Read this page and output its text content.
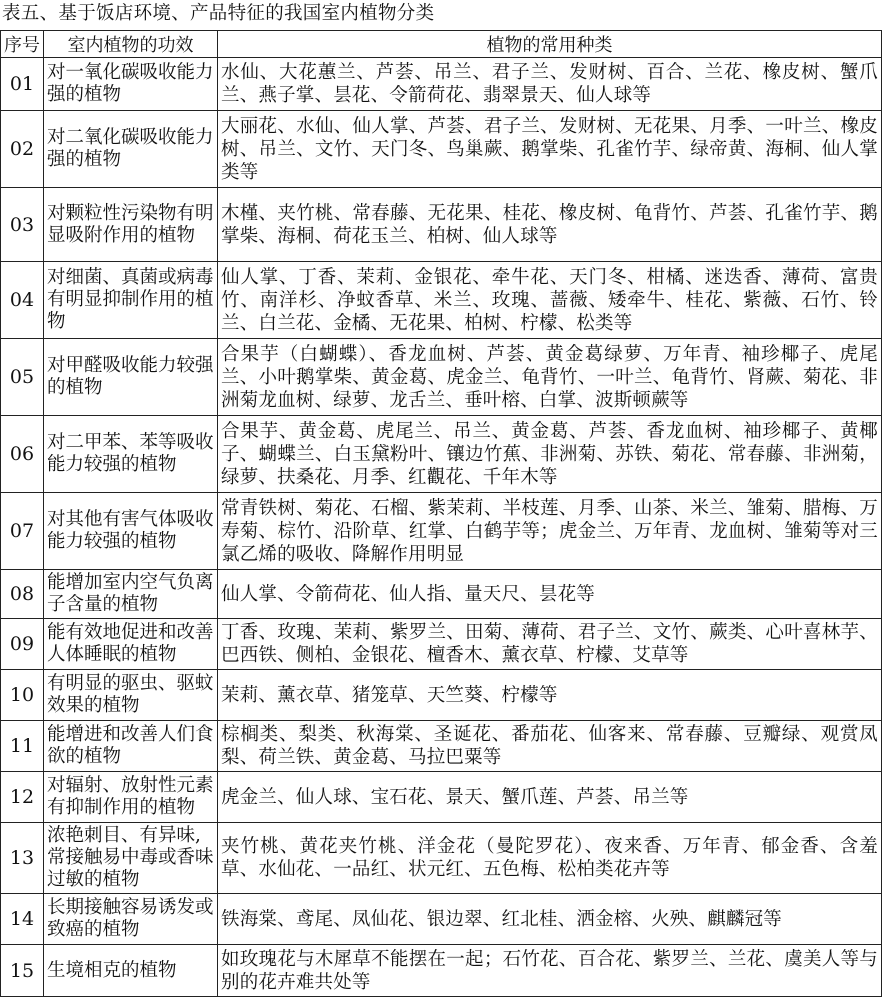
表五、基于饭店环境、产品特征的我国室内植物分类
序号	室内植物的功效	植物的常用种类
01	对一氧化碳吸收能力强的植物	水仙、大花蕙兰、芦荟、吊兰、君子兰、发财树、百合、兰花、橡皮树、蟹爪兰、燕子掌、昙花、令箭荷花、翡翠景天、仙人球等
02	对二氧化碳吸收能力强的植物	大丽花、水仙、仙人掌、芦荟、君子兰、发财树、无花果、月季、一叶兰、橡皮树、吊兰、文竹、天门冬、鸟巢蕨、鹅掌柴、孔雀竹芋、绿帝黄、海桐、仙人掌类等
03	对颗粒性污染物有明显吸附作用的植物	木槿、夹竹桃、常春藤、无花果、桂花、橡皮树、龟背竹、芦荟、孔雀竹芋、鹅掌柴、海桐、荷花玉兰、柏树、仙人球等
04	对细菌、真菌或病毒有明显抑制作用的植物	仙人掌、丁香、茉莉、金银花、牵牛花、天门冬、柑橘、迷迭香、薄荷、富贵竹、南洋杉、净蚊香草、米兰、玫瑰、蔷薇、矮牵牛、桂花、紫薇、石竹、铃兰、白兰花、金橘、无花果、柏树、柠檬、松类等
05	对甲醛吸收能力较强的植物	合果芋（白蝴蝶）、香龙血树、芦荟、黄金葛绿萝、万年青、袖珍椰子、虎尾兰、小叶鹅掌柴、黄金葛、虎金兰、龟背竹、一叶兰、龟背竹、肾蕨、菊花、非洲菊龙血树、绿萝、龙舌兰、垂叶榕、白掌、波斯顿蕨等
06	对二甲苯、苯等吸收能力较强的植物	合果芋、黄金葛、虎尾兰、吊兰、黄金葛、芦荟、香龙血树、袖珍椰子、黄椰子、蝴蝶兰、白玉黛粉叶、镶边竹蕉、非洲菊、苏铁、菊花、常春藤、非洲菊，绿萝、扶桑花、月季、红觀花、千年木等
07	对其他有害气体吸收能力较强的植物	常青铁树、菊花、石榴、紫茉莉、半枝莲、月季、山茶、米兰、雏菊、腊梅、万寿菊、棕竹、沿阶草、红掌、白鹤芋等；虎金兰、万年青、龙血树、雏菊等对三氯乙烯的吸收、降解作用明显
08	能增加室内空气负离子含量的植物	仙人掌、令箭荷花、仙人指、量天尺、昙花等
09	能有效地促进和改善人体睡眠的植物	丁香、玫瑰、茉莉、紫罗兰、田菊、薄荷、君子兰、文竹、蕨类、心叶喜林芋、巴西铁、侧柏、金银花、檀香木、薰衣草、柠檬、艾草等
10	有明显的驱虫、驱蚊效果的植物	茉莉、薰衣草、猪笼草、天竺葵、柠檬等
11	能增进和改善人们食欲的植物	棕榈类、梨类、秋海棠、圣诞花、番茄花、仙客来、常春藤、豆瓣绿、观赏凤梨、荷兰铁、黄金葛、马拉巴粟等
12	对辐射、放射性元素有抑制作用的植物	虎金兰、仙人球、宝石花、景天、蟹爪莲、芦荟、吊兰等
13	浓艳刺目、有异味,常接触易中毒或香味过敏的植物	夹竹桃、黄花夹竹桃、洋金花（曼陀罗花）、夜来香、万年青、郁金香、含羞草、水仙花、一品红、状元红、五色梅、松柏类花卉等
14	长期接触容易诱发或致癌的植物	铁海棠、鸢尾、凤仙花、银边翠、红北桂、洒金榕、火殃、麒麟冠等
15	生境相克的植物	如玫瑰花与木犀草不能摆在一起；石竹花、百合花、紫罗兰、兰花、虞美人等与别的花卉难共处等
